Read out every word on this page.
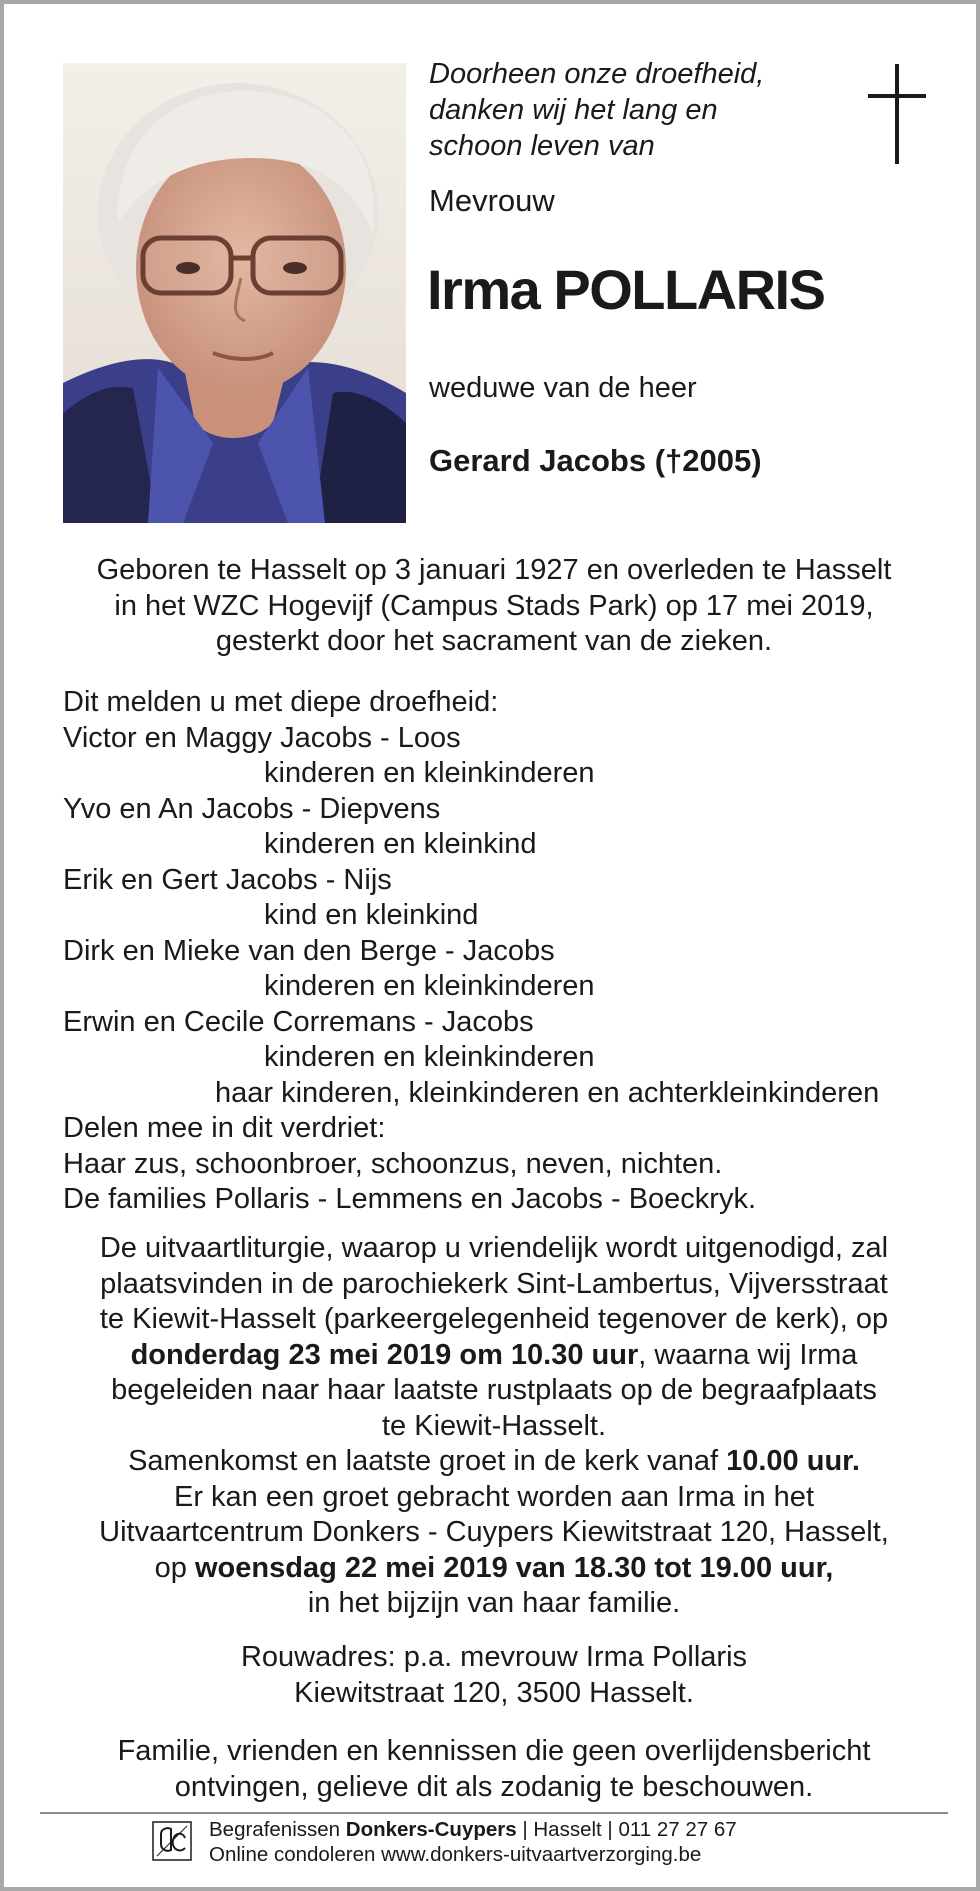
Doorheen onze droefheid,
danken wij het lang en
schoon leven van
Mevrouw
Irma POLLARIS
weduwe van de heer
Gerard Jacobs (†2005)
Geboren te Hasselt op 3 januari 1927 en overleden te Hasselt
in het WZC Hogevijf (Campus Stads Park) op 17 mei 2019,
gesterkt door het sacrament van de zieken.
Dit melden u met diepe droefheid:
Victor en Maggy Jacobs - Loos
kinderen en kleinkinderen
Yvo en An Jacobs - Diepvens
kinderen en kleinkind
Erik en Gert Jacobs - Nijs
kind en kleinkind
Dirk en Mieke van den Berge - Jacobs
kinderen en kleinkinderen
Erwin en Cecile Corremans - Jacobs
kinderen en kleinkinderen
haar kinderen, kleinkinderen en achterkleinkinderen
Delen mee in dit verdriet:
Haar zus, schoonbroer, schoonzus, neven, nichten.
De families Pollaris - Lemmens en Jacobs - Boeckryk.
De uitvaartliturgie, waarop u vriendelijk wordt uitgenodigd, zal
plaatsvinden in de parochiekerk Sint-Lambertus, Vijversstraat
te Kiewit-Hasselt (parkeergelegenheid tegenover de kerk), op
donderdag 23 mei 2019 om 10.30 uur, waarna wij Irma
begeleiden naar haar laatste rustplaats op de begraafplaats
te Kiewit-Hasselt.
Samenkomst en laatste groet in de kerk vanaf 10.00 uur.
Er kan een groet gebracht worden aan Irma in het
Uitvaartcentrum Donkers - Cuypers Kiewitstraat 120, Hasselt,
op woensdag 22 mei 2019 van 18.30 tot 19.00 uur,
in het bijzijn van haar familie.
Rouwadres: p.a. mevrouw Irma Pollaris
Kiewitstraat 120, 3500 Hasselt.
Familie, vrienden en kennissen die geen overlijdensbericht
ontvingen, gelieve dit als zodanig te beschouwen.
Begrafenissen Donkers-Cuypers | Hasselt | 011 27 27 67
Online condoleren www.donkers-uitvaartverzorging.be
